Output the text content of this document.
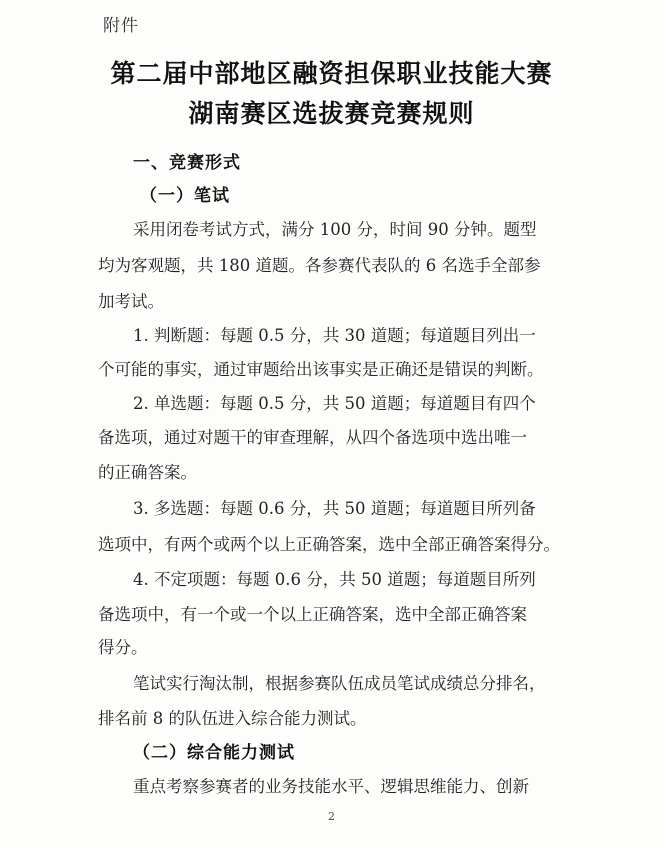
附件
第二届中部地区融资担保职业技能大赛
湖南赛区选拔赛竞赛规则
一、竞赛形式
（一）笔试
采用闭卷考试方式，满分 100 分，时间 90 分钟。题型
均为客观题，共 180 道题。各参赛代表队的 6 名选手全部参
加考试。
1. 判断题：每题 0.5 分，共 30 道题；每道题目列出一
个可能的事实，通过审题给出该事实是正确还是错误的判断。
2. 单选题：每题 0.5 分，共 50 道题；每道题目有四个
备选项，通过对题干的审查理解，从四个备选项中选出唯一
的正确答案。
3. 多选题：每题 0.6 分，共 50 道题；每道题目所列备
选项中，有两个或两个以上正确答案，选中全部正确答案得分。
4. 不定项题：每题 0.6 分，共 50 道题；每道题目所列
备选项中，有一个或一个以上正确答案，选中全部正确答案
得分。
笔试实行淘汰制，根据参赛队伍成员笔试成绩总分排名，
排名前 8 的队伍进入综合能力测试。
（二）综合能力测试
重点考察参赛者的业务技能水平、逻辑思维能力、创新
2
